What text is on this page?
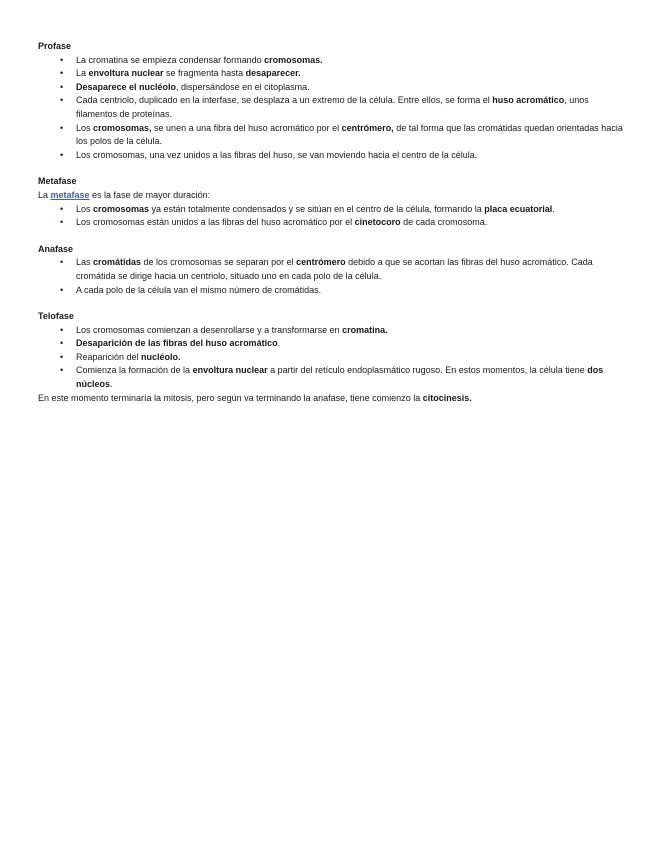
Profase

• La cromatina se empieza condensar formando cromosomas.
• La envoltura nuclear se fragmenta hasta desaparecer.
• Desaparece el nucléolo, dispersándose en el citoplasma.
• Cada centriolo, duplicado en la interfase, se desplaza a un extremo de la célula. Entre ellos, se forma el huso acromático, unos filamentos de proteínas.
• Los cromosomas, se unen a una fibra del huso acromático por el centrómero, de tal forma que las cromátidas quedan orientadas hacia los polos de la célula.
• Los cromosomas, una vez unidos a las fibras del huso, se van moviendo hacia el centro de la célula.

Metafase

La metafase es la fase de mayor duración:

• Los cromosomas ya están totalmente condensados y se sitúan en el centro de la célula, formando la placa ecuatorial.
• Los cromosomas están unidos a las fibras del huso acromático por el cinetocoro de cada cromosoma.

Anafase

• Las cromátidas de los cromosomas se separan por el centrómero debido a que se acortan las fibras del huso acromático. Cada cromátida se dirige hacia un centriolo, situado uno en cada polo de la célula.
• A cada polo de la célula van el mismo número de cromátidas.

Telofase

• Los cromosomas comienzan a desenrollarse y a transformarse en cromatina.
• Desaparición de las fibras del huso acromático.
• Reaparición del nucléolo.
• Comienza la formación de la envoltura nuclear a partir del retículo endoplasmático rugoso. En estos momentos, la célula tiene dos núcleos.

En este momento terminaría la mitosis, pero según va terminando la anafase, tiene comienzo la citocinesis.
